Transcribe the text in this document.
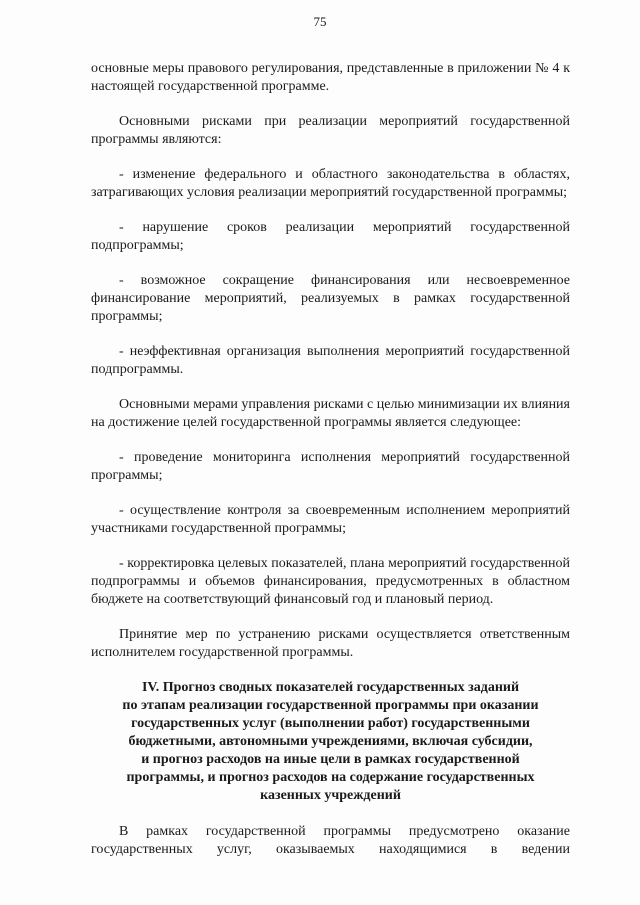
75

основные меры правового регулирования, представленные в приложении № 4 к настоящей государственной программе.

Основными рисками при реализации мероприятий государственной программы являются:

- изменение федерального и областного законодательства в областях, затрагивающих условия реализации мероприятий государственной программы;

- нарушение сроков реализации мероприятий государственной подпрограммы;

- возможное сокращение финансирования или несвоевременное финансирование мероприятий, реализуемых в рамках государственной программы;

- неэффективная организация выполнения мероприятий государственной подпрограммы.

Основными мерами управления рисками с целью минимизации их влияния на достижение целей государственной программы является следующее:

- проведение мониторинга исполнения мероприятий государственной программы;

- осуществление контроля за своевременным исполнением мероприятий участниками государственной программы;

- корректировка целевых показателей, плана мероприятий государственной подпрограммы и объемов финансирования, предусмотренных в областном бюджете на соответствующий финансовый год и плановый период.

Принятие мер по устранению рисками осуществляется ответственным исполнителем государственной программы.

IV. Прогноз сводных показателей государственных заданий
по этапам реализации государственной программы при оказании
государственных услуг (выполнении работ) государственными
бюджетными, автономными учреждениями, включая субсидии,
и прогноз расходов на иные цели в рамках государственной
программы, и прогноз расходов на содержание государственных
казенных учреждений

В рамках государственной программы предусмотрено оказание государственных услуг, оказываемых находящимися в ведении
